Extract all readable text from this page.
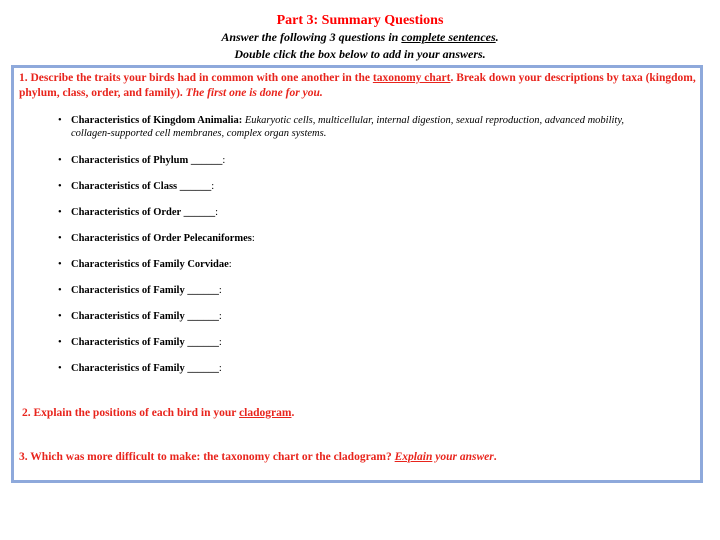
Part 3: Summary Questions
Answer the following 3 questions in complete sentences.
Double click the box below to add in your answers.
1. Describe the traits your birds had in common with one another in the taxonomy chart. Break down your descriptions by taxa (kingdom, phylum, class, order, and family). The first one is done for you.
• Characteristics of Kingdom Animalia: Eukaryotic cells, multicellular, internal digestion, sexual reproduction, advanced mobility, collagen-supported cell membranes, complex organ systems.
• Characteristics of Phylum ______:
• Characteristics of Class ______:
• Characteristics of Order ______:
• Characteristics of Order Pelecaniformes:
• Characteristics of Family Corvidae:
• Characteristics of Family ______:
• Characteristics of Family ______:
• Characteristics of Family ______:
• Characteristics of Family ______:
2. Explain the positions of each bird in your cladogram.
3. Which was more difficult to make: the taxonomy chart or the cladogram? Explain your answer.
